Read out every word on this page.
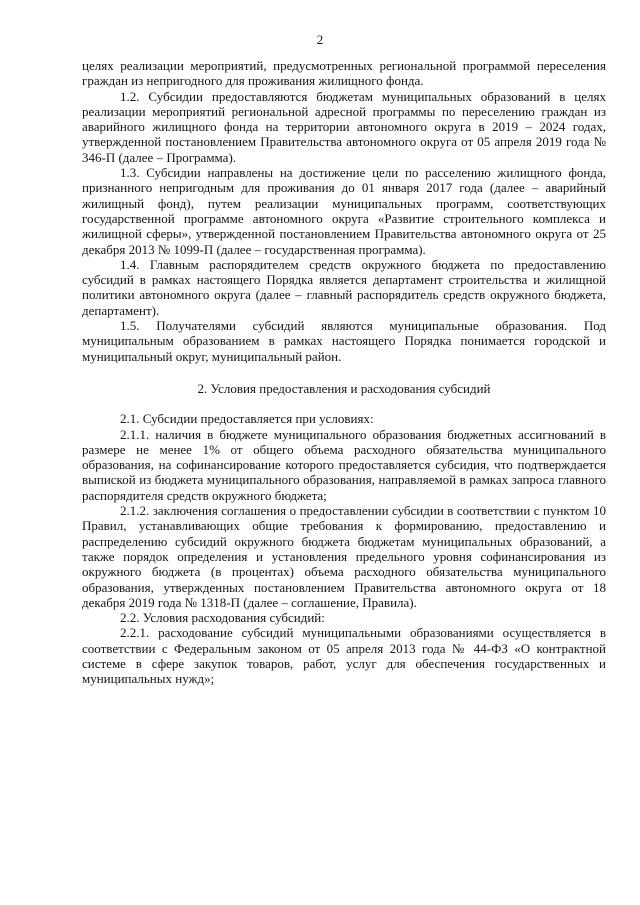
2

целях реализации мероприятий, предусмотренных региональной программой переселения граждан из непригодного для проживания жилищного фонда.

1.2. Субсидии предоставляются бюджетам муниципальных образований в целях реализации мероприятий региональной адресной программы по переселению граждан из аварийного жилищного фонда на территории автономного округа в 2019 – 2024 годах, утвержденной постановлением Правительства автономного округа от 05 апреля 2019 года № 346-П (далее – Программа).

1.3. Субсидии направлены на достижение цели по расселению жилищного фонда, признанного непригодным для проживания до 01 января 2017 года (далее – аварийный жилищный фонд), путем реализации муниципальных программ, соответствующих государственной программе автономного округа «Развитие строительного комплекса и жилищной сферы», утвержденной постановлением Правительства автономного округа от 25 декабря 2013 № 1099-П (далее – государственная программа).

1.4. Главным распорядителем средств окружного бюджета по предоставлению субсидий в рамках настоящего Порядка является департамент строительства и жилищной политики автономного округа (далее – главный распорядитель средств окружного бюджета, департамент).

1.5. Получателями субсидий являются муниципальные образования. Под муниципальным образованием в рамках настоящего Порядка понимается городской и муниципальный округ, муниципальный район.

2. Условия предоставления и расходования субсидий

2.1. Субсидии предоставляется при условиях:

2.1.1. наличия в бюджете муниципального образования бюджетных ассигнований в размере не менее 1% от общего объема расходного обязательства муниципального образования, на софинансирование которого предоставляется субсидия, что подтверждается выпиской из бюджета муниципального образования, направляемой в рамках запроса главного распорядителя средств окружного бюджета;

2.1.2. заключения соглашения о предоставлении субсидии в соответствии с пунктом 10 Правил, устанавливающих общие требования к формированию, предоставлению и распределению субсидий окружного бюджета бюджетам муниципальных образований, а также порядок определения и установления предельного уровня софинансирования из окружного бюджета (в процентах) объема расходного обязательства муниципального образования, утвержденных постановлением Правительства автономного округа от 18 декабря 2019 года № 1318-П (далее – соглашение, Правила).

2.2. Условия расходования субсидий:

2.2.1. расходование субсидий муниципальными образованиями осуществляется в соответствии с Федеральным законом от 05 апреля 2013 года № 44-ФЗ «О контрактной системе в сфере закупок товаров, работ, услуг для обеспечения государственных и муниципальных нужд»;
